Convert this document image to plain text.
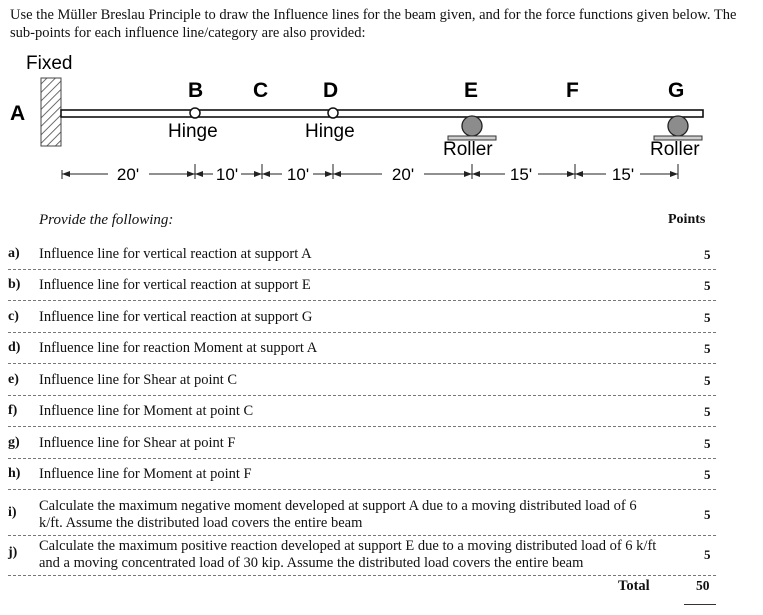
Use the Müller Breslau Principle to draw the Influence lines for the beam given, and for the force functions given below. The sub-points for each influence line/category are also provided:
Fixed
A
B C	D	E	F	G
Hinge	Hinge
Roller	Roller
20'	10'	10'	20'	15'	15'
Provide the following:	Points
a) Influence line for vertical reaction at support A	5
b) Influence line for vertical reaction at support E	5
c) Influence line for vertical reaction at support G	5
d) Influence line for reaction Moment at support A	5
e) Influence line for Shear at point C	5
f) Influence line for Moment at point C	5
g) Influence line for Shear at point F	5
h) Influence line for Moment at point F	5
i) Calculate the maximum negative moment developed at support A due to a moving distributed load of 6 k/ft. Assume the distributed load covers the entire beam
5
j) Calculate the maximum positive reaction developed at support E due to a moving distributed load of 6 k/ft and a moving concentrated load of 30 kip. Assume the distributed load covers the entire beam
5
Total	50
